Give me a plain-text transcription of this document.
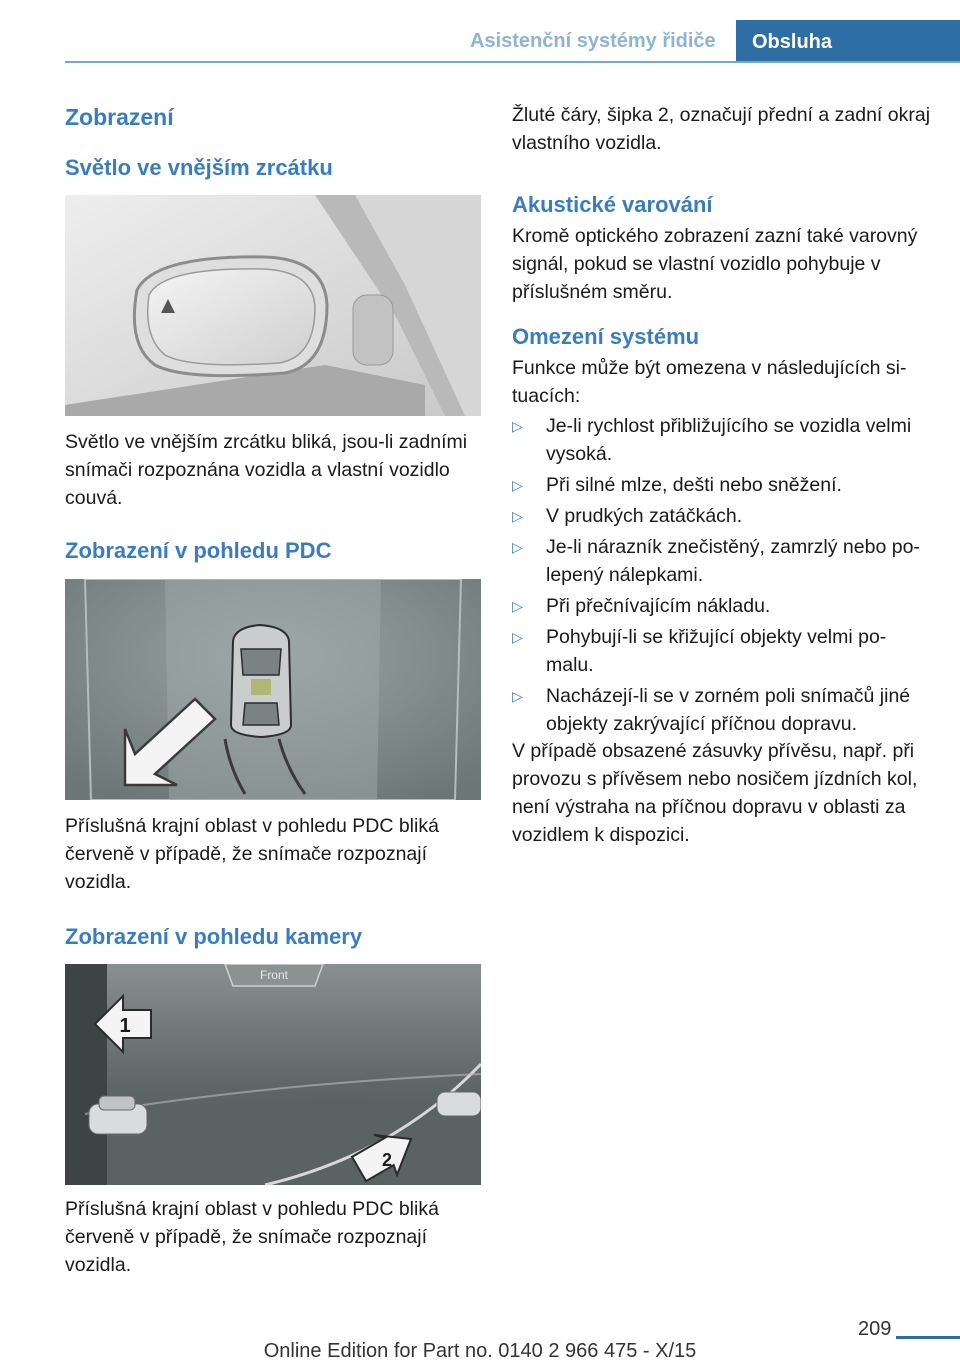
Asistenční systémy řidiče	Obsluha
Zobrazení
Světlo ve vnějším zrcátku

Světlo ve vnějším zrcátku bliká, jsou-li zadními snímači rozpoznána vozidla a vlastní vozidlo couvá.

Zobrazení v pohledu PDC

Příslušná krajní oblast v pohledu PDC bliká červeně v případě, že snímače rozpoznají vozidla.

Zobrazení v pohledu kamery
Front
1
2

Příslušná krajní oblast v pohledu PDC bliká červeně v případě, že snímače rozpoznají vozidla.

Žluté čáry, šipka 2, označují přední a zadní okraj vlastního vozidla.

Akustické varování

Kromě optického zobrazení zazní také varovný signál, pokud se vlastní vozidlo pohybuje v příslušném směru.

Omezení systému

Funkce může být omezena v následujících si‐tuacích:

▷ Je-li rychlost přibližujícího se vozidla velmi vysoká.
▷ Při silné mlze, dešti nebo sněžení.
▷ V prudkých zatáčkách.
▷ Je-li nárazník znečistěný, zamrzlý nebo po‐lepený nálepkami.
▷ Při přečnívajícím nákladu.
▷ Pohybují-li se křižující objekty velmi po‐malu.
▷ Nacházejí-li se v zorném poli snímačů jiné objekty zakrývající příčnou dopravu.

V případě obsazené zásuvky přívěsu, např. při provozu s přívěsem nebo nosičem jízdních kol, není výstraha na příčnou dopravu v oblasti za vozidlem k dispozici.

209
Online Edition for Part no. 0140 2 966 475 - X/15
